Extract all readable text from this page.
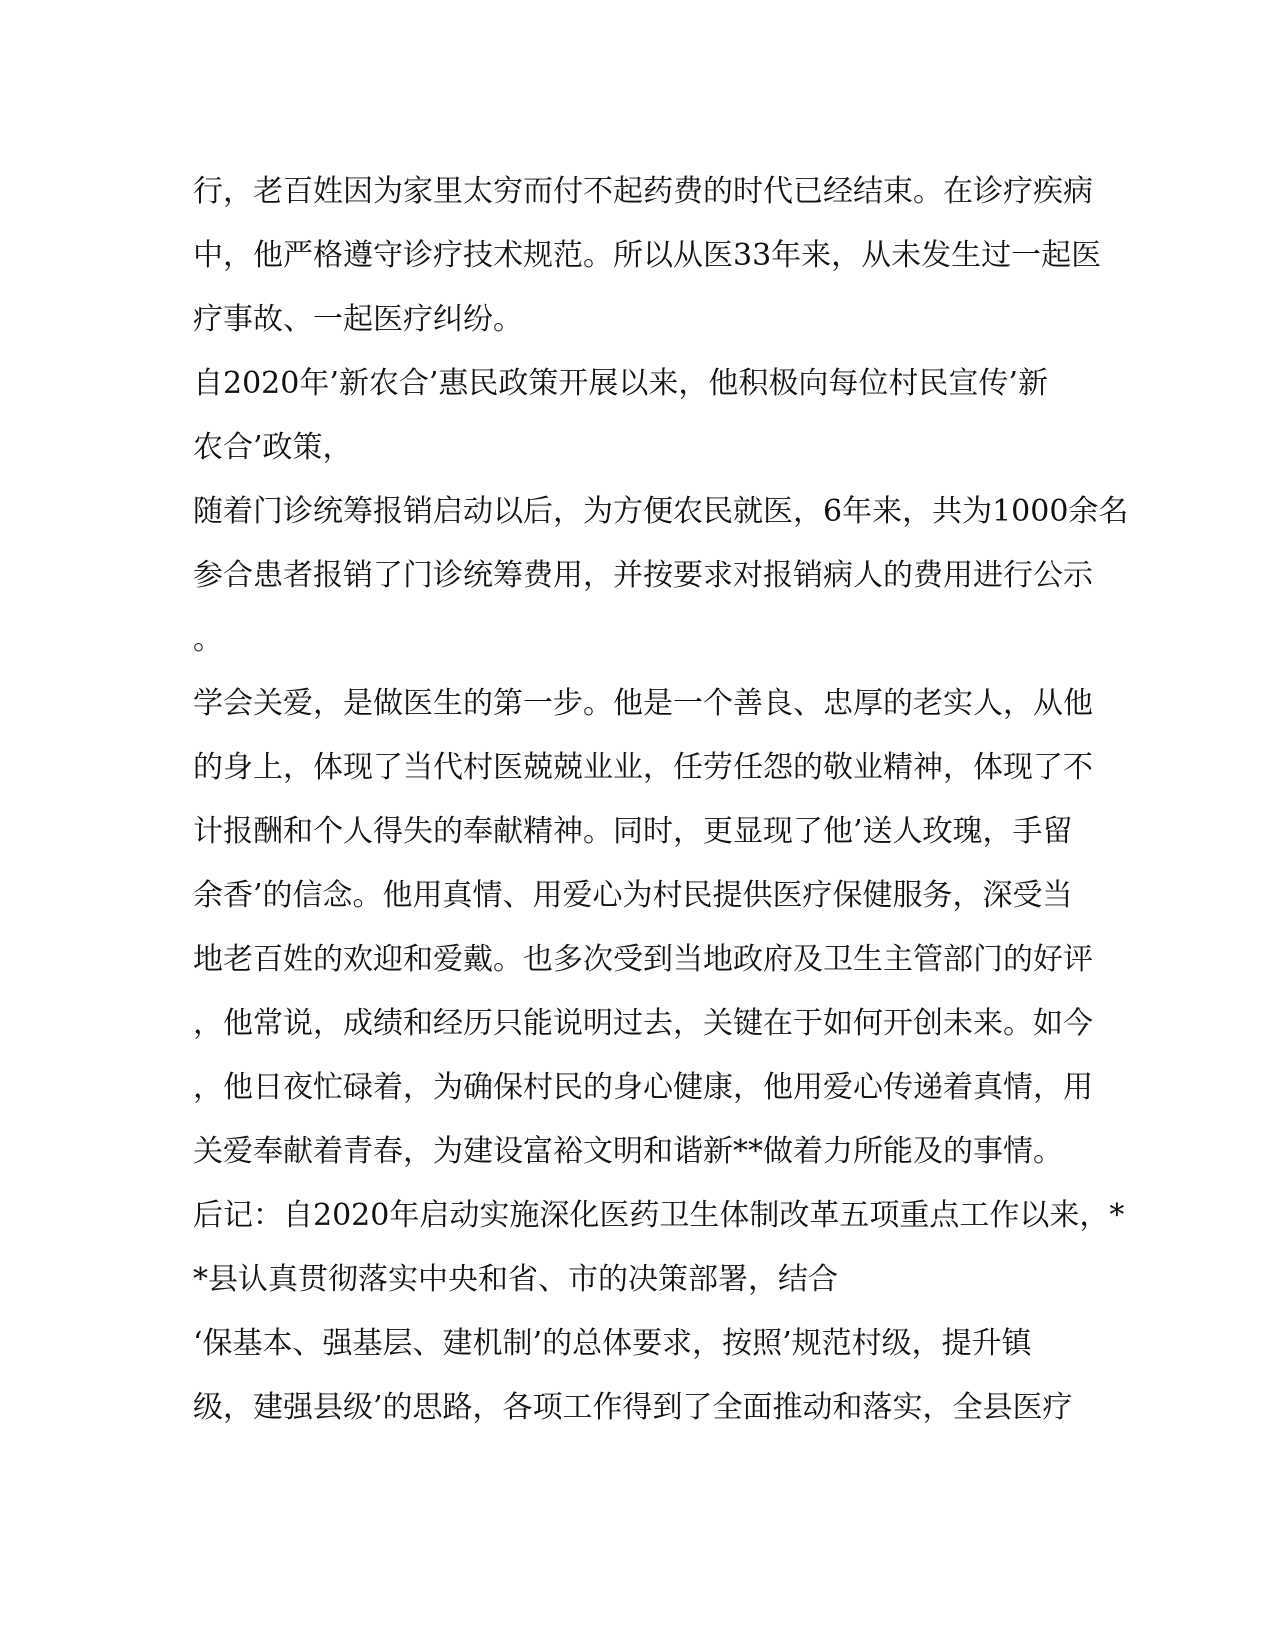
行，老百姓因为家里太穷而付不起药费的时代已经结束。在诊疗疾病
中，他严格遵守诊疗技术规范。所以从医33年来，从未发生过一起医
疗事故、一起医疗纠纷。
自2020年’新农合’惠民政策开展以来，他积极向每位村民宣传’新
农合’政策，
随着门诊统筹报销启动以后，为方便农民就医，6年来，共为1000余名
参合患者报销了门诊统筹费用，并按要求对报销病人的费用进行公示
。
学会关爱，是做医生的第一步。他是一个善良、忠厚的老实人，从他
的身上，体现了当代村医兢兢业业，任劳任怨的敬业精神，体现了不
计报酬和个人得失的奉献精神。同时，更显现了他’送人玫瑰，手留
余香’的信念。他用真情、用爱心为村民提供医疗保健服务，深受当
地老百姓的欢迎和爱戴。也多次受到当地政府及卫生主管部门的好评
，他常说，成绩和经历只能说明过去，关键在于如何开创未来。如今
，他日夜忙碌着，为确保村民的身心健康，他用爱心传递着真情，用
关爱奉献着青春，为建设富裕文明和谐新**做着力所能及的事情。
后记：自2020年启动实施深化医药卫生体制改革五项重点工作以来，*
*县认真贯彻落实中央和省、市的决策部署，结合
‘保基本、强基层、建机制’的总体要求，按照’规范村级，提升镇
级，建强县级’的思路，各项工作得到了全面推动和落实，全县医疗
